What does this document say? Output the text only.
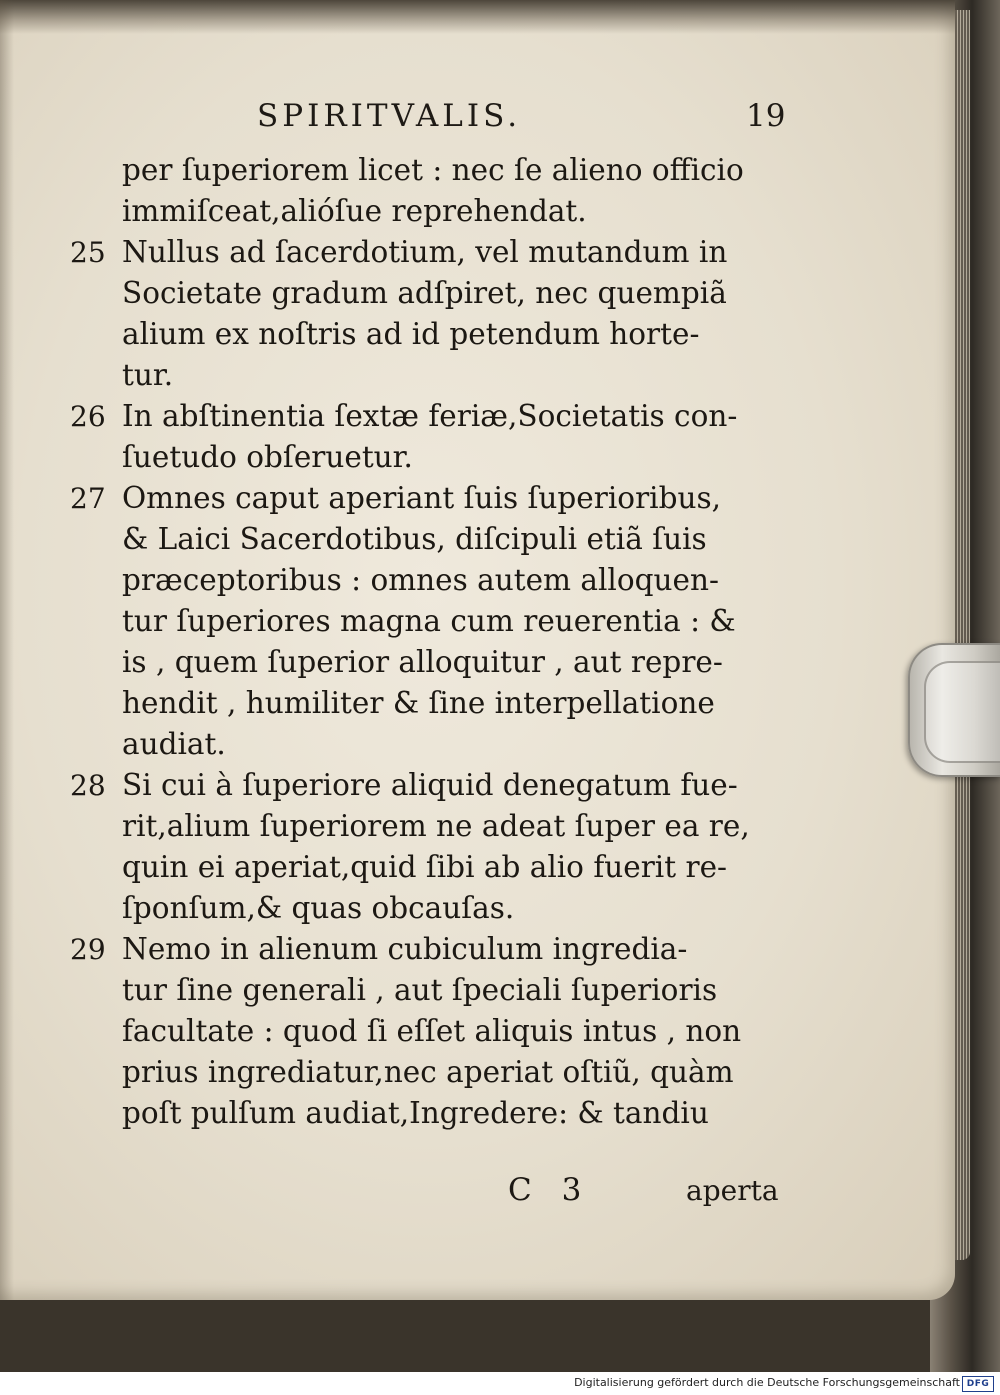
SPIRITVALIS.	19
per ſuperiorem licet : nec ſe alieno officio
immiſceat,alióſue reprehendat.
25 Nullus ad ſacerdotium, vel mutandum in
Societate gradum adſpiret, nec quempiã
alium ex noſtris ad id petendum horte-
tur.
26 In abſtinentia ſextæ feriæ,Societatis con-
ſuetudo obſeruetur.
27 Omnes caput aperiant ſuis ſuperioribus,
& Laici Sacerdotibus, diſcipuli etiã ſuis
præceptoribus : omnes autem alloquen-
tur ſuperiores magna cum reuerentia : &
is , quem ſuperior alloquitur , aut repre-
hendit , humiliter & ſine interpellatione
audiat.
28 Si cui à ſuperiore aliquid denegatum fue-
rit,alium ſuperiorem ne adeat ſuper ea re,
quin ei aperiat,quid ſibi ab alio fuerit re-
ſponſum,& quas obcauſas.
29 Nemo in alienum cubiculum ingredia-
tur ſine generali , aut ſpeciali ſuperioris
facultate : quod ſi eſſet aliquis intus , non
prius ingrediatur,nec aperiat oſtiũ, quàm
poſt pulſum audiat,Ingredere: & tandiu
C 3	aperta
Digitalisierung gefördert durch die Deutsche Forschungsgemeinschaft DFG
